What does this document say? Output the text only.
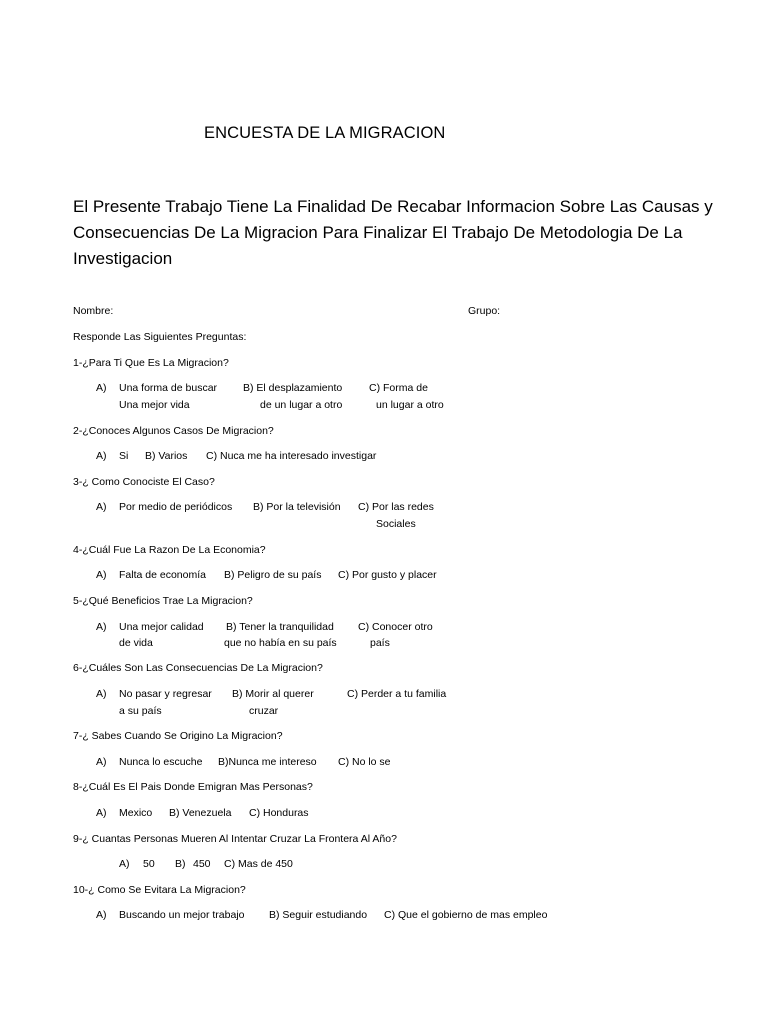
ENCUESTA DE LA MIGRACION
El Presente Trabajo Tiene La Finalidad De Recabar Informacion Sobre Las Causas y Consecuencias De La Migracion Para Finalizar El Trabajo De Metodologia De La Investigacion
Nombre:	Grupo:
Responde Las Siguientes Preguntas:
1-¿Para Ti Que Es La Migracion?
A) Una forma de buscar B) El desplazamiento	C) Forma de
Una mejor vida	de un lugar a otro	un lugar a otro
2-¿Conoces Algunos Casos De Migracion?
A) Si B) Varios C) Nuca me ha interesado investigar
3-¿ Como Conociste El Caso?
A) Por medio de periódicos B) Por la televisión C) Por las redes
Sociales
4-¿Cuál Fue La Razon De La Economia?
A) Falta de economía B) Peligro de su país C) Por gusto y placer
5-¿Qué Beneficios Trae La Migracion?
A) Una mejor calidad B) Tener la tranquilidad C) Conocer otro
de vida	que no había en su país	país
6-¿Cuáles Son Las Consecuencias De La Migracion?
A) No pasar y regresar B) Morir al querer	C) Perder a tu familia
a su país	cruzar
7-¿ Sabes Cuando Se Origino La Migracion?
A) Nunca lo escuche B)Nunca me intereso C) No lo se
8-¿Cuál Es El Pais Donde Emigran Mas Personas?
A) Mexico B) Venezuela C) Honduras
9-¿ Cuantas Personas Mueren Al Intentar Cruzar La Frontera Al Año?
A) 50 B) 450 C) Mas de 450
10-¿ Como Se Evitara La Migracion?
A) Buscando un mejor trabajo B) Seguir estudiando C) Que el gobierno de mas empleo
